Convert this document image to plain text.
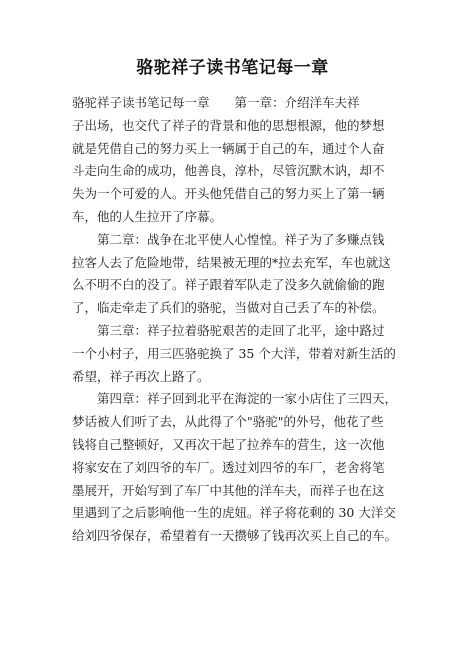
骆驼祥子读书笔记每一章

骆驼祥子读书笔记每一章　　第一章：介绍洋车夫祥
子出场，也交代了祥子的背景和他的思想根源，他的梦想
就是凭借自己的努力买上一辆属于自己的车，通过个人奋
斗走向生命的成功，他善良，淳朴，尽管沉默木讷，却不
失为一个可爱的人。开头他凭借自己的努力买上了第一辆
车，他的人生拉开了序幕。

第二章：战争在北平使人心惶惶。祥子为了多赚点钱
拉客人去了危险地带，结果被无理的*拉去充军，车也就这
么不明不白的没了。祥子跟着军队走了没多久就偷偷的跑
了，临走牵走了兵们的骆驼，当做对自己丢了车的补偿。

第三章：祥子拉着骆驼艰苦的走回了北平，途中路过
一个小村子，用三匹骆驼换了 35 个大洋，带着对新生活的
希望，祥子再次上路了。

第四章：祥子回到北平在海淀的一家小店住了三四天，
梦话被人们听了去，从此得了个"骆驼"的外号，他花了些
钱将自己整顿好，又再次干起了拉养车的营生，这一次他
将家安在了刘四爷的车厂。透过刘四爷的车厂，老舍将笔
墨展开，开始写到了车厂中其他的洋车夫，而祥子也在这
里遇到了之后影响他一生的虎妞。祥子将花剩的 30 大洋交
给刘四爷保存，希望着有一天攒够了钱再次买上自己的车。
